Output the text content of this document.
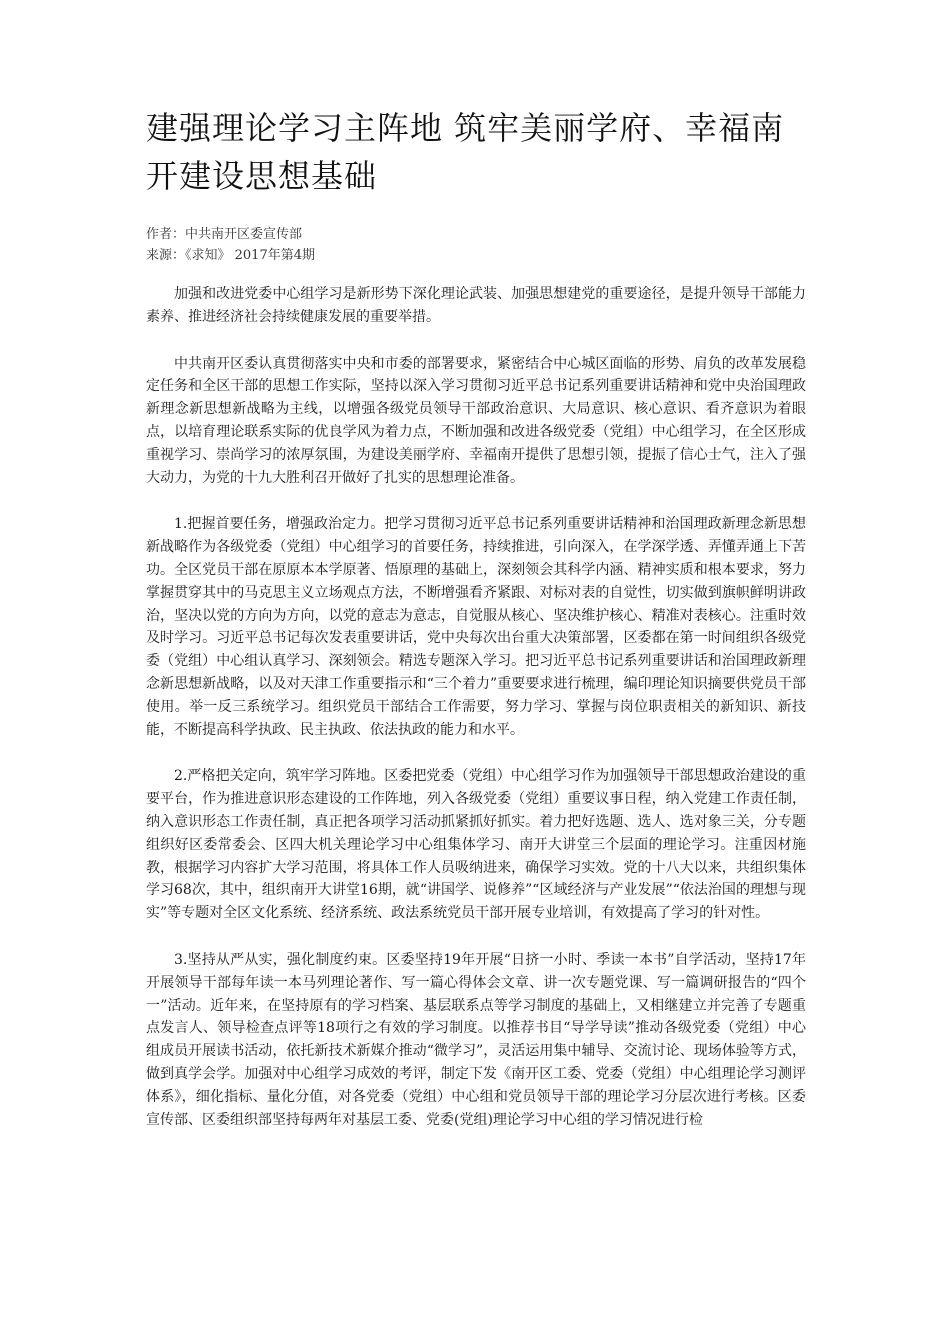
建强理论学习主阵地 筑牢美丽学府、幸福南开建设思想基础
作者：中共南开区委宣传部
来源：《求知》 2017年第4期

加强和改进党委中心组学习是新形势下深化理论武装、加强思想建党的重要途径，是提升领导干部能力素养、推进经济社会持续健康发展的重要举措。

中共南开区委认真贯彻落实中央和市委的部署要求，紧密结合中心城区面临的形势、肩负的改革发展稳定任务和全区干部的思想工作实际，坚持以深入学习贯彻习近平总书记系列重要讲话精神和党中央治国理政新理念新思想新战略为主线，以增强各级党员领导干部政治意识、大局意识、核心意识、看齐意识为着眼点，以培育理论联系实际的优良学风为着力点，不断加强和改进各级党委（党组）中心组学习，在全区形成重视学习、崇尚学习的浓厚氛围，为建设美丽学府、幸福南开提供了思想引领，提振了信心士气，注入了强大动力，为党的十九大胜利召开做好了扎实的思想理论准备。

1.把握首要任务，增强政治定力。把学习贯彻习近平总书记系列重要讲话精神和治国理政新理念新思想新战略作为各级党委（党组）中心组学习的首要任务，持续推进，引向深入，在学深学透、弄懂弄通上下苦功。全区党员干部在原原本本学原著、悟原理的基础上，深刻领会其科学内涵、精神实质和根本要求，努力掌握贯穿其中的马克思主义立场观点方法，不断增强看齐紧跟、对标对表的自觉性，切实做到旗帜鲜明讲政治，坚决以党的方向为方向，以党的意志为意志，自觉服从核心、坚决维护核心、精准对表核心。注重时效及时学习。习近平总书记每次发表重要讲话，党中央每次出台重大决策部署，区委都在第一时间组织各级党委（党组）中心组认真学习、深刻领会。精选专题深入学习。把习近平总书记系列重要讲话和治国理政新理念新思想新战略，以及对天津工作重要指示和“三个着力”重要要求进行梳理，编印理论知识摘要供党员干部使用。举一反三系统学习。组织党员干部结合工作需要，努力学习、掌握与岗位职责相关的新知识、新技能，不断提高科学执政、民主执政、依法执政的能力和水平。

2.严格把关定向，筑牢学习阵地。区委把党委（党组）中心组学习作为加强领导干部思想政治建设的重要平台，作为推进意识形态建设的工作阵地，列入各级党委（党组）重要议事日程，纳入党建工作责任制，纳入意识形态工作责任制，真正把各项学习活动抓紧抓好抓实。着力把好选题、选人、选对象三关，分专题组织好区委常委会、区四大机关理论学习中心组集体学习、南开大讲堂三个层面的理论学习。注重因材施教，根据学习内容扩大学习范围，将具体工作人员吸纳进来，确保学习实效。党的十八大以来，共组织集体学习68次，其中，组织南开大讲堂16期，就“讲国学、说修养”“区域经济与产业发展”“依法治国的理想与现实”等专题对全区文化系统、经济系统、政法系统党员干部开展专业培训，有效提高了学习的针对性。

3.坚持从严从实，强化制度约束。区委坚持19年开展“日挤一小时、季读一本书”自学活动，坚持17年开展领导干部每年读一本马列理论著作、写一篇心得体会文章、讲一次专题党课、写一篇调研报告的“四个一”活动。近年来，在坚持原有的学习档案、基层联系点等学习制度的基础上，又相继建立并完善了专题重点发言人、领导检查点评等18项行之有效的学习制度。以推荐书目“导学导读”推动各级党委（党组）中心组成员开展读书活动，依托新技术新媒介推动“微学习”，灵活运用集中辅导、交流讨论、现场体验等方式，做到真学会学。加强对中心组学习成效的考评，制定下发《南开区工委、党委（党组）中心组理论学习测评体系》，细化指标、量化分值，对各党委（党组）中心组和党员领导干部的理论学习分层次进行考核。区委宣传部、区委组织部坚持每两年对基层工委、党委(党组)理论学习中心组的学习情况进行检
